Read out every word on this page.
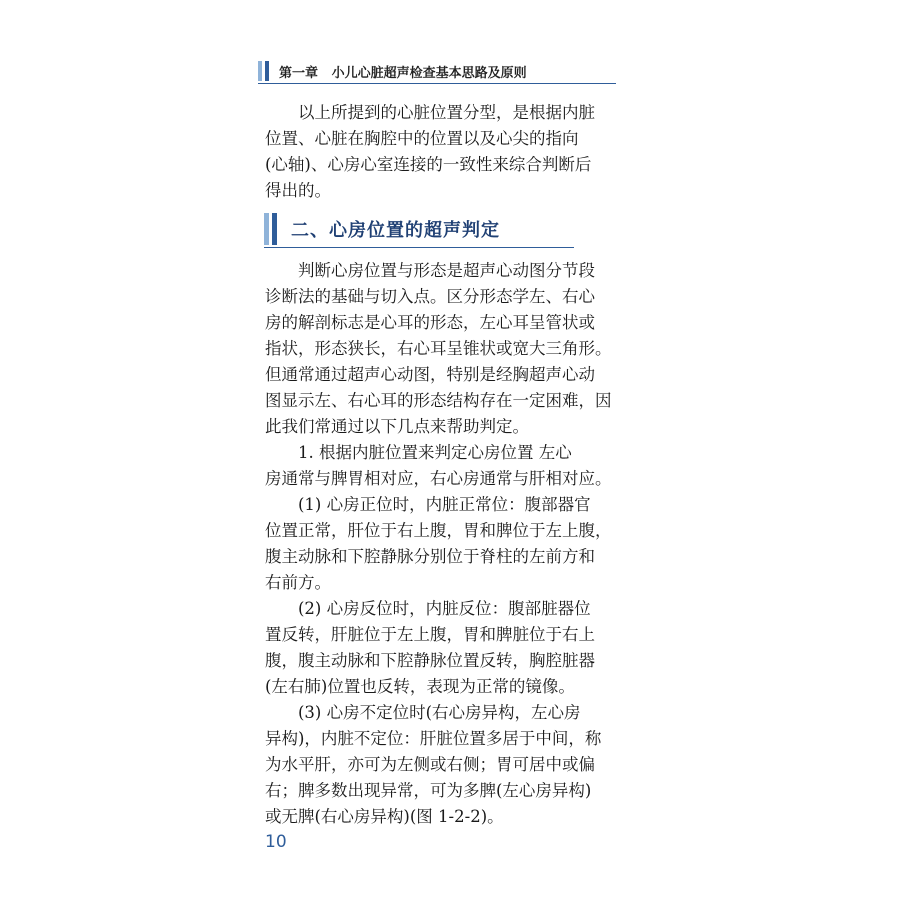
第一章   小儿心脏超声检查基本思路及原则

以上所提到的心脏位置分型，是根据内脏
位置、心脏在胸腔中的位置以及心尖的指向
(心轴)、心房心室连接的一致性来综合判断后
得出的。

二、心房位置的超声判定

判断心房位置与形态是超声心动图分节段
诊断法的基础与切入点。区分形态学左、右心
房的解剖标志是心耳的形态，左心耳呈管状或
指状，形态狭长，右心耳呈锥状或宽大三角形。
但通常通过超声心动图，特别是经胸超声心动
图显示左、右心耳的形态结构存在一定困难，因
此我们常通过以下几点来帮助判定。

1. 根据内脏位置来判定心房位置 左心
房通常与脾胃相对应，右心房通常与肝相对应。

(1) 心房正位时，内脏正常位：腹部器官
位置正常，肝位于右上腹，胃和脾位于左上腹，
腹主动脉和下腔静脉分别位于脊柱的左前方和
右前方。

(2) 心房反位时，内脏反位：腹部脏器位
置反转，肝脏位于左上腹，胃和脾脏位于右上
腹，腹主动脉和下腔静脉位置反转，胸腔脏器
(左右肺)位置也反转，表现为正常的镜像。

(3) 心房不定位时(右心房异构，左心房
异构)，内脏不定位：肝脏位置多居于中间，称
为水平肝，亦可为左侧或右侧；胃可居中或偏
右；脾多数出现异常，可为多脾(左心房异构)
或无脾(右心房异构)(图 1-2-2)。

10
